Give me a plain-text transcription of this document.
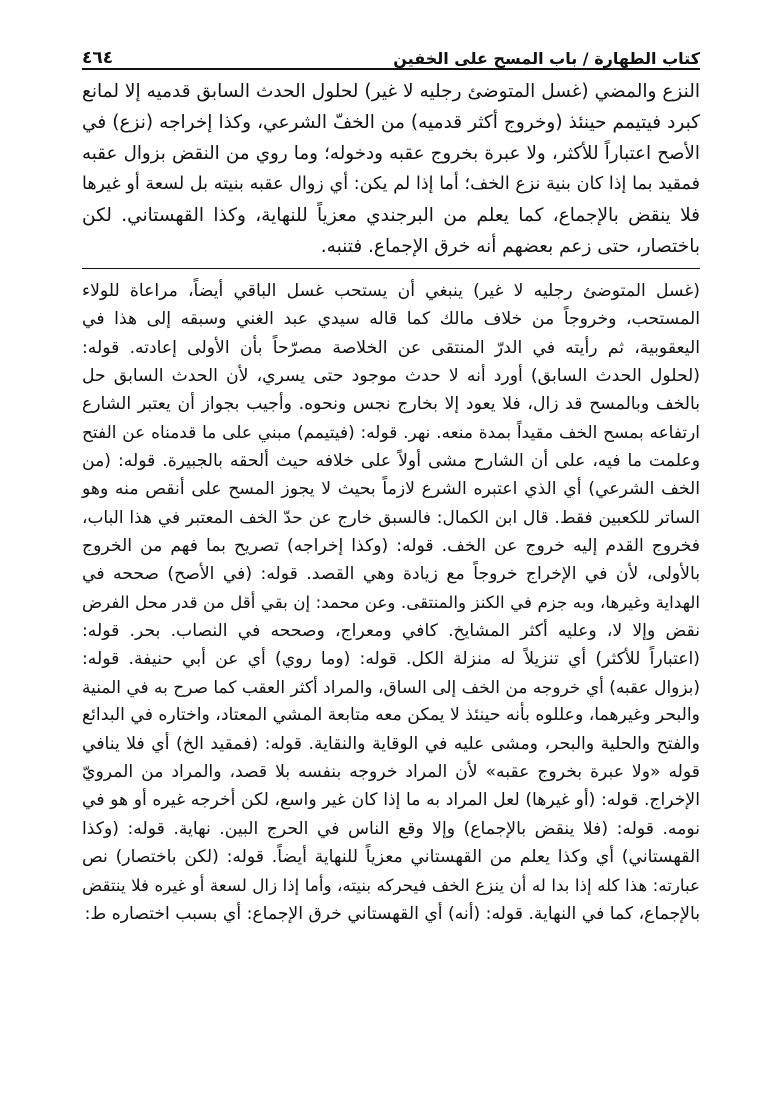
كتاب الطهارة / باب المسح على الخفين
٤٦٤
النزع والمضي (غسل المتوضئ رجليه لا غير) لحلول الحدث السابق قدميه إلا لمانع
كبرد فيتيمم حينئذ (وخروج أكثر قدميه) من الخفّ الشرعي، وكذا إخراجه (نزع) في
الأصح اعتباراً للأكثر، ولا عبرة بخروج عقبه ودخوله؛ وما روي من النقض بزوال عقبه
فمقيد بما إذا كان بنية نزع الخف؛ أما إذا لم يكن: أي زوال عقبه بنيته بل لسعة أو غيرها
فلا ينقض بالإجماع، كما يعلم من البرجندي معزياً للنهاية، وكذا القهستاني. لكن
باختصار، حتى زعم بعضهم أنه خرق الإجماع. فتنبه.
(غسل المتوضئ رجليه لا غير) ينبغي أن يستحب غسل الباقي أيضاً، مراعاة للولاء
المستحب، وخروجاً من خلاف مالك كما قاله سيدي عبد الغني وسبقه إلى هذا في
اليعقوبية، ثم رأيته في الدرّ المنتقى عن الخلاصة مصرّحاً بأن الأولى إعادته. قوله:
(لحلول الحدث السابق) أورد أنه لا حدث موجود حتى يسري، لأن الحدث السابق حل
بالخف وبالمسح قد زال، فلا يعود إلا بخارج نجس ونحوه. وأجيب بجواز أن يعتبر الشارع
ارتفاعه بمسح الخف مقيداً بمدة منعه. نهر. قوله: (فيتيمم) مبني على ما قدمناه عن الفتح
وعلمت ما فيه، على أن الشارح مشى أولاً على خلافه حيث ألحقه بالجبيرة. قوله: (من
الخف الشرعي) أي الذي اعتبره الشرع لازماً بحيث لا يجوز المسح على أنقص منه وهو
الساتر للكعبين فقط. قال ابن الكمال: فالسبق خارج عن حدّ الخف المعتبر في هذا الباب،
فخروج القدم إليه خروج عن الخف. قوله: (وكذا إخراجه) تصريح بما فهم من الخروج
بالأولى، لأن في الإخراج خروجاً مع زيادة وهي القصد. قوله: (في الأصح) صححه في
الهداية وغيرها، وبه جزم في الكنز والمنتقى. وعن محمد: إن بقي أقل من قدر محل الفرض
نقض وإلا لا، وعليه أكثر المشايخ. كافي ومعراج، وصححه في النصاب. بحر. قوله:
(اعتباراً للأكثر) أي تنزيلاً له منزلة الكل. قوله: (وما روي) أي عن أبي حنيفة. قوله:
(بزوال عقبه) أي خروجه من الخف إلى الساق، والمراد أكثر العقب كما صرح به في المنية
والبحر وغيرهما، وعللوه بأنه حينئذ لا يمكن معه متابعة المشي المعتاد، واختاره في البدائع
والفتح والحلية والبحر، ومشى عليه في الوقاية والنقاية. قوله: (فمقيد الخ) أي فلا ينافي
قوله «ولا عبرة بخروج عقبه» لأن المراد خروجه بنفسه بلا قصد، والمراد من المرويّ
الإخراج. قوله: (أو غيرها) لعل المراد به ما إذا كان غير واسع، لكن أخرجه غيره أو هو في
نومه. قوله: (فلا ينقض بالإجماع) وإلا وقع الناس في الحرج البين. نهاية. قوله: (وكذا
القهستاني) أي وكذا يعلم من القهستاني معزياً للنهاية أيضاً. قوله: (لكن باختصار) نص
عبارته: هذا كله إذا بدا له أن ينزع الخف فيحركه بنيته، وأما إذا زال لسعة أو غيره فلا ينتقض
بالإجماع، كما في النهاية. قوله: (أنه) أي القهستاني خرق الإجماع: أي بسبب اختصاره ط:
